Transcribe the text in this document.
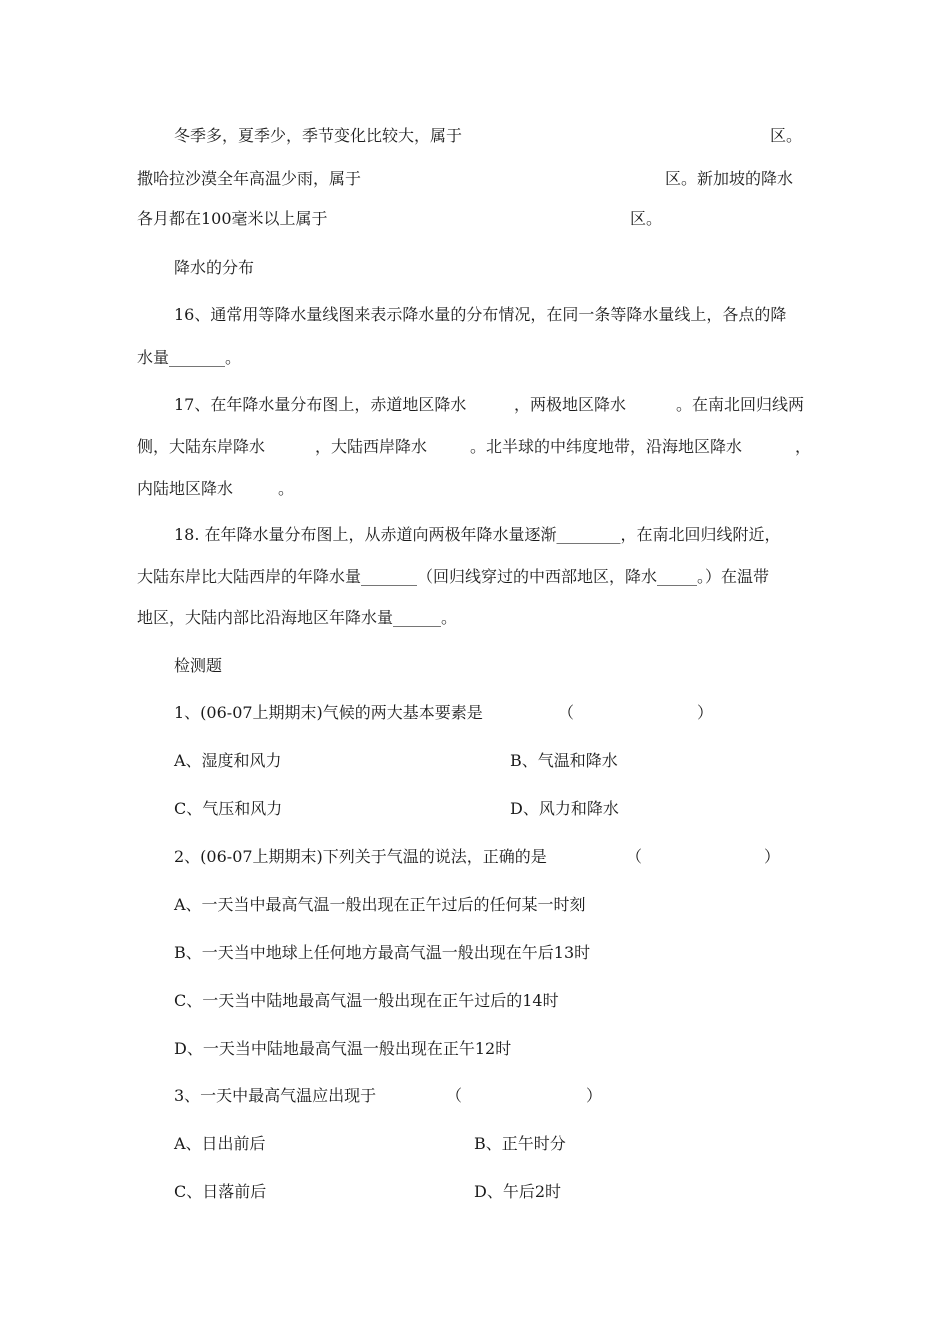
冬季多，夏季少，季节变化比较大，属于	区。
撒哈拉沙漠全年高温少雨，属于	区。新加坡的降水
各月都在100毫米以上属于	区。
降水的分布
16、通常用等降水量线图来表示降水量的分布情况，在同一条等降水量线上，各点的降
水量_______。
17、在年降水量分布图上，赤道地区降水	，两极地区降水	。在南北回归线两
侧，大陆东岸降水	，大陆西岸降水	。北半球的中纬度地带，沿海地区降水	，
内陆地区降水	。
18. 在年降水量分布图上，从赤道向两极年降水量逐渐________，在南北回归线附近，
大陆东岸比大陆西岸的年降水量_______（回归线穿过的中西部地区，降水_____。）在温带
地区，大陆内部比沿海地区年降水量______。
检测题
1、(06-07上期期末)气候的两大基本要素是	（	）
A、湿度和风力	B、气温和降水
C、气压和风力	D、风力和降水
2、(06-07上期期末)下列关于气温的说法，正确的是	（	）
A、一天当中最高气温一般出现在正午过后的任何某一时刻
B、一天当中地球上任何地方最高气温一般出现在午后13时
C、一天当中陆地最高气温一般出现在正午过后的14时
D、一天当中陆地最高气温一般出现在正午12时
3、一天中最高气温应出现于	（	）
A、日出前后	B、正午时分
C、日落前后	D、午后2时
